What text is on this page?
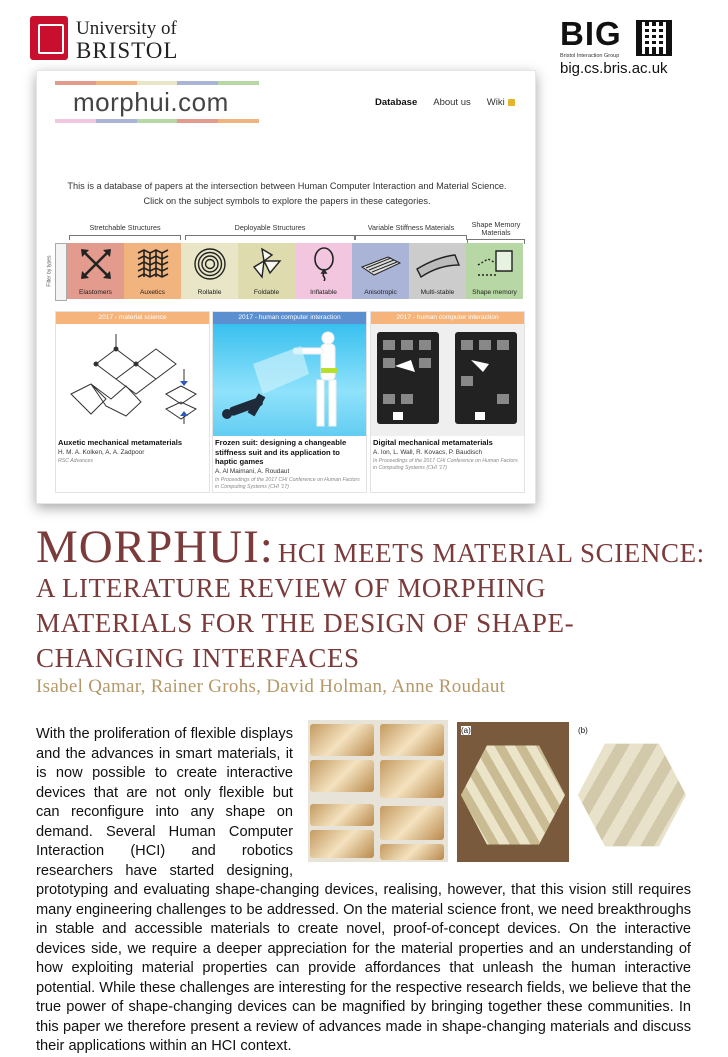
University of
BRISTOL	BIG
Bristol Interaction Group
big.cs.bris.ac.uk
morphui.com	Database About us Wiki
This is a database of papers at the intersection between Human Computer Interaction and Material Science. Click on the subject symbols to explore the papers in these categories.
Stretchable Structures	Deployable Structures	Variable Stiffness Materials	Shape Memory Materials
Filter by types
Elastomers	Auxetics	Rollable	Foldable	Inflatable	Anisotropic	Multi-stable	Shape memory
2017 - material science
Auxetic mechanical metamaterials
H. M. A. Kolken, A. A. Zadpoor
RSC Advances
2017 - human computer interaction
Frozen suit: designing a changeable stiffness suit and its application to haptic games
A. Al Maimani, A. Roudaut
In Proceedings of the 2017 CHI Conference on Human Factors in Computing Systems (CHI '17)
2017 - human computer interaction
Digital mechanical metamaterials
A. Ion, L. Wall, R. Kovacs, P. Baudisch
In Proceedings of the 2017 CHI Conference on Human Factors in Computing Systems (CHI '17)
MORPHUI: HCI MEETS MATERIAL SCIENCE: A LITERATURE REVIEW OF MORPHING MATERIALS FOR THE DESIGN OF SHAPE-CHANGING INTERFACES
Isabel Qamar, Rainer Grohs, David Holman, Anne Roudaut
(a)	(b)
With the proliferation of flexible displays and the advances in smart materials, it is now possible to create interactive devices that are not only flexible but can reconfigure into any shape on demand. Several Human Computer Interaction (HCI) and robotics researchers have started designing, prototyping and evaluating shape-changing devices, realising, however, that this vision still requires many engineering challenges to be addressed. On the material science front, we need breakthroughs in stable and accessible materials to create novel, proof-of-concept devices. On the interactive devices side, we require a deeper appreciation for the material properties and an understanding of how exploiting material properties can provide affordances that unleash the human interactive potential. While these challenges are interesting for the respective research fields, we believe that the true power of shape-changing devices can be magnified by bringing together these communities. In this paper we therefore present a review of advances made in shape-changing materials and discuss their applications within an HCI context.
